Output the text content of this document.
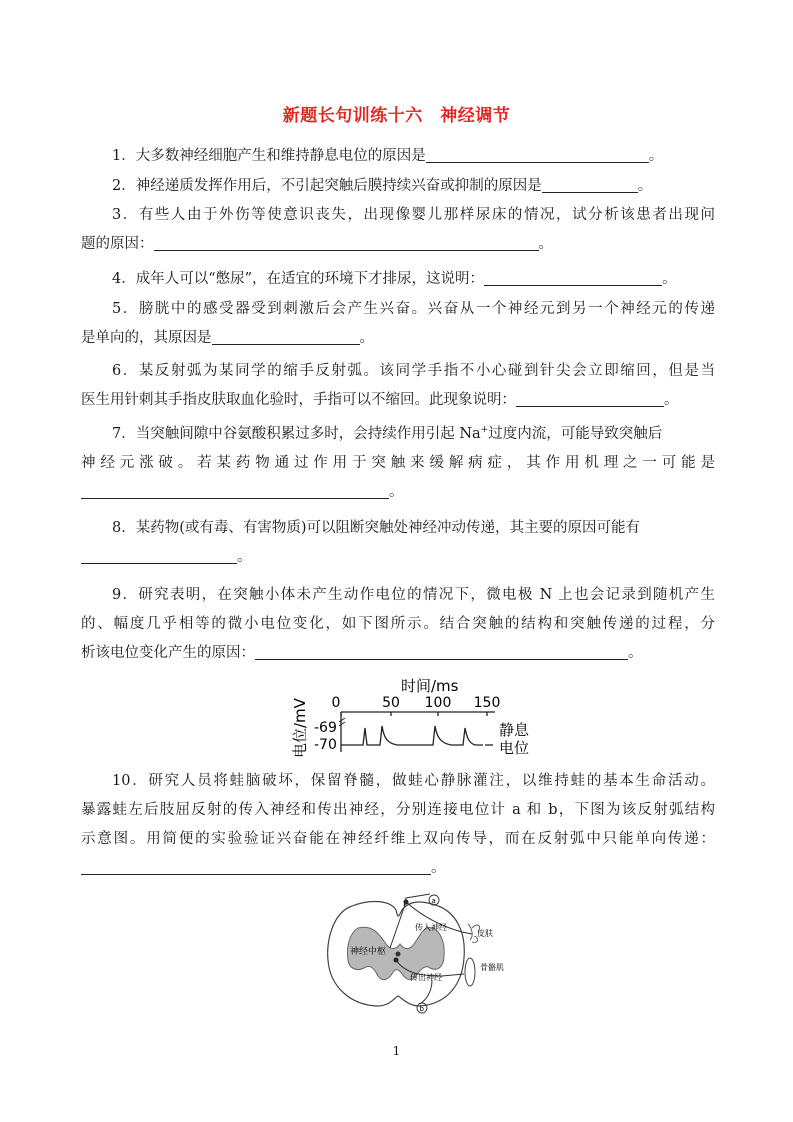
新题长句训练十六　神经调节
1．大多数神经细胞产生和维持静息电位的原因是	。
2．神经递质发挥作用后，不引起突触后膜持续兴奋或抑制的原因是	。
3．有些人由于外伤等使意识丧失，出现像婴儿那样尿床的情况，试分析该患者出现问
题的原因：	。
4．成年人可以“憋尿”，在适宜的环境下才排尿，这说明：	。
5．膀胱中的感受器受到刺激后会产生兴奋。兴奋从一个神经元到另一个神经元的传递
是单向的，其原因是	。
6．某反射弧为某同学的缩手反射弧。该同学手指不小心碰到针尖会立即缩回，但是当
医生用针刺其手指皮肤取血化验时，手指可以不缩回。此现象说明：	。
7．当突触间隙中谷氨酸积累过多时，会持续作用引起 Na+过度内流，可能导致突触后
神经元涨破。若某药物通过作用于突触来缓解病症，其作用机理之一可能是
。
8．某药物(或有毒、有害物质)可以阻断突触处神经冲动传递，其主要的原因可能有
。
9．研究表明，在突触小体未产生动作电位的情况下，微电极 N 上也会记录到随机产生
的、幅度几乎相等的微小电位变化，如下图所示。结合突触的结构和突触传递的过程，分
析该电位变化产生的原因：	。
时间/ms
0	50 100 150
电位/mV -69
-70
静息
电位
10．研究人员将蛙脑破坏，保留脊髓，做蛙心静脉灌注，以维持蛙的基本生命活动。
暴露蛙左后肢屈反射的传入神经和传出神经，分别连接电位计 a 和 b，下图为该反射弧结构
示意图。用简便的实验验证兴奋能在神经纤维上双向传导，而在反射弧中只能单向传递：
。
神经中枢
传入神经
皮肤
a
传出神经
骨骼肌
b
1
